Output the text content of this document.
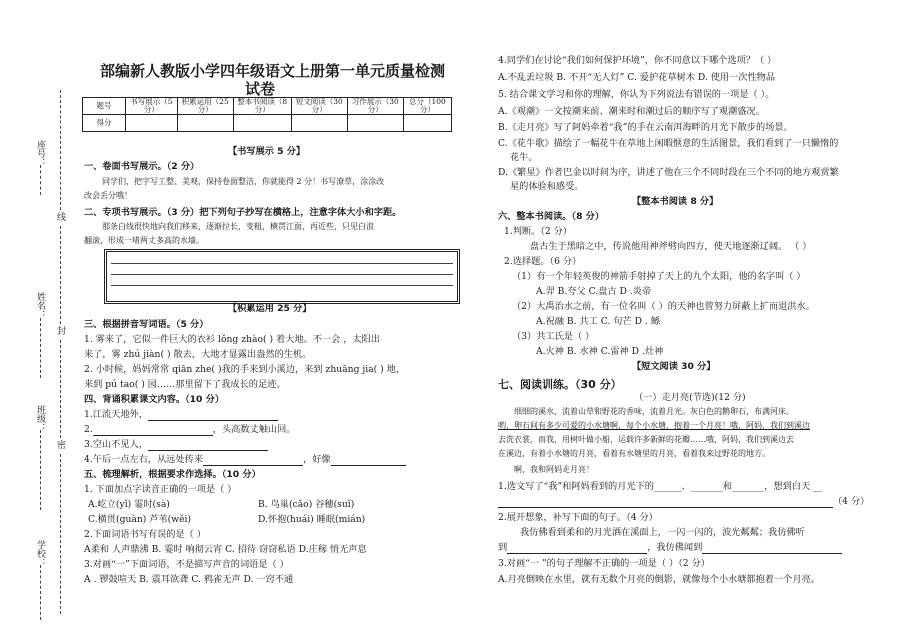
座号：
姓名：
班级：
学校：
线
封
密
部编新人教版小学四年级语文上册第一单元质量检测
试卷
题号	书写展示（5分）	积累运用（25分）	整本书阅读（8分）	短文阅读（30分）	习作展示（30分）	总分（100分）
得分						
【书写展示 5 分】
一、卷面书写展示。（2 分）
同学们，把字写工整、美观，保持卷面整洁，你就能得 2 分！书写潦草，涂涂改
改会丢分哦！
二、专项书写展示。（3 分）把下列句子抄写在横格上，注意字体大小和字距。
那条白线很快地向我们移来，逐渐拉长，变粗，横贯江面，再近些，只见白浪
翻滚，形成一堵两丈多高的水墙。
【积累运用 25 分】
三、根据拼音写词语。（5 分）
1. 雾来了，它似一件巨大的衣衫 lǒng zhào( ) 着大地。不一会 ，太阳出
来了，雾 zhú jiàn( ) 散去，大地才显露出盎然的生机。
2. 小时候，妈妈常常 qiān zhe( )我的手来到小溪边，来到 zhuāng jia( ) 地，
来到 pú tao( ) 园……那里留下了我成长的足迹。
四、背诵积累课文内容。（10 分）
1.江流天地外，
2.	，头高数丈触山回。
3.空山不见人，
4.午后一点左右，从远处传来	，好像
五、梳理解析，根据要求作选择。（10 分）
1. 下面加点字读音正确的一项是（ ）
A.屹立(yǐ) 霎时(sà)	B. 鸟巢(cǎo) 谷穗(suǐ)
C.横贯(guàn) 芦苇(wěi)	D.怀抱(huái) 睡眠(mián)
2.下面词语书写有误的是（ ）
A柔和 人声鼎沸 B. 霎时 响彻云宵 C. 招待 窃窃私语 D.庄稼 悄无声息
3.对画“一”下面词语，不是描写声音的词语是（ ）
A . 锣鼓喧天 B. 震耳欲聋 C. 鸦雀无声 D. 一窍不通
4.同学们在讨论“我们如何保护环境”，你不同意以下哪个选项？（ ）
A.不乱丢垃圾 B. 不开“无人灯” C. 爱护花草树木 D. 使用一次性物品
5. 结合课文学习和你的理解，你认为下列说法有错误的一项是（ ）。
A.《观潮》一文按潮来前、潮来时和潮过后的顺序写了观潮盛况。
B.《走月亮》写了阿妈牵着“我”的手在云南洱海畔的月光下散步的场景。
C.《花牛歌》描绘了一幅花牛在草地上闲暇惬意的生活图景，我们看到了一只懒惰的
花牛。
D.《繁星》作者巴金以时间为序，讲述了他在三个不同时段在三个不同的地方观赏繁
星的体验和感受。
【整本书阅读 8 分】
六、整本书阅读。（8 分）
1.判断。（2 分）
盘古生于黑暗之中，传说他用神斧劈向四方，使天地逐渐辽阔。 （ ）
2.选择题。（6 分）
（1）有一个年轻英俊的神箭手射掉了天上的九个太阳，他的名字叫（ ）
A.羿 B.夸父 C.盘古 D .炎帝
（2）大禹治水之前，有一位名叫（ ）的天神也曾努力屏蔽上扩而退洪水。
A.祝融 B. 共工 C. 句芒 D . 鲧
（3）共工氏是（ ）
A.火神 B. 水神 C.雷神 D .灶神
【短文阅读 30 分】
七、阅读训练。（30 分）
（一）走月亮(节选)(12 分)
细细的溪水，流着山草和野花的香味，流着月光。灰白色的鹅卵石，布满河床。
哟，卵石间有多少可爱的小水塘啊，每个小水塘，抱着一个月亮！哦，阿妈，我们到溪边
去洗衣裳，而我，用树叶做小船，运载许多新鲜的花瓣……哦，阿妈，我们到溪边去
在溪边，有着小水塘的月亮，看着有水塘里的月亮，看着我来过野花的地方。
啊，我和阿妈走月亮！
1.选文写了“我”和阿妈看到的月光下的______、_______和_______，想到白天 __
（4 分）
2.展开想象，补写下面的句子。（4 分）
我仿佛看到柔和的月光洒在溪面上，一闪一闪的，波光粼粼；我仿佛听
到	，我仿佛闻到
3.对画“一 ”的句子理解不正确的一项是（ ）（2 分）
A.月亮倒映在水里，就有无数个月亮的倒影，就像每个小水塘都抱着一个月亮。
